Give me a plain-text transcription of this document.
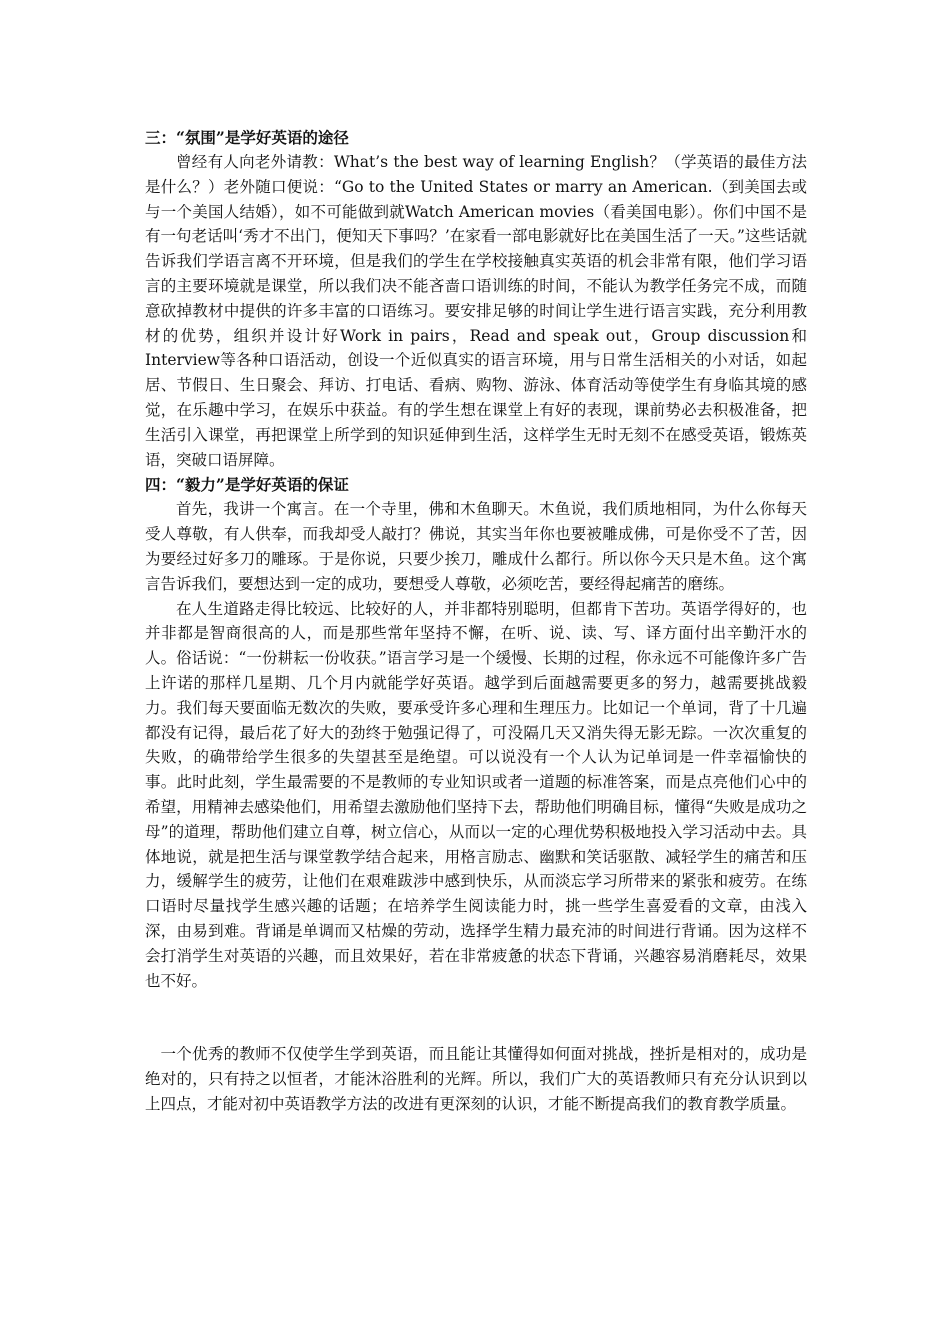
三：“氛围”是学好英语的途径

曾经有人向老外请教：What’s the best way of learning English？（学英语的最佳方法是什么？）老外随口便说：“Go to the United States or marry an American.（到美国去或与一个美国人结婚），如不可能做到就Watch American movies（看美国电影）。你们中国不是有一句老话叫‘秀才不出门，便知天下事吗？’在家看一部电影就好比在美国生活了一天。”这些话就告诉我们学语言离不开环境，但是我们的学生在学校接触真实英语的机会非常有限，他们学习语言的主要环境就是课堂，所以我们决不能吝啬口语训练的时间，不能认为教学任务完不成，而随意砍掉教材中提供的许多丰富的口语练习。要安排足够的时间让学生进行语言实践，充分利用教材的优势，组织并设计好Work in pairs，Read and speak out，Group discussion和Interview等各种口语活动，创设一个近似真实的语言环境，用与日常生活相关的小对话，如起居、节假日、生日聚会、拜访、打电话、看病、购物、游泳、体育活动等使学生有身临其境的感觉，在乐趣中学习，在娱乐中获益。有的学生想在课堂上有好的表现，课前势必去积极准备，把生活引入课堂，再把课堂上所学到的知识延伸到生活，这样学生无时无刻不在感受英语，锻炼英语，突破口语屏障。

四：“毅力”是学好英语的保证

首先，我讲一个寓言。在一个寺里，佛和木鱼聊天。木鱼说，我们质地相同，为什么你每天受人尊敬，有人供奉，而我却受人敲打？佛说，其实当年你也要被雕成佛，可是你受不了苦，因为要经过好多刀的雕琢。于是你说，只要少挨刀，雕成什么都行。所以你今天只是木鱼。这个寓言告诉我们，要想达到一定的成功，要想受人尊敬，必须吃苦，要经得起痛苦的磨练。

在人生道路走得比较远、比较好的人，并非都特别聪明，但都肯下苦功。英语学得好的，也并非都是智商很高的人，而是那些常年坚持不懈，在听、说、读、写、译方面付出辛勤汗水的人。俗话说：“一份耕耘一份收获。”语言学习是一个缓慢、长期的过程，你永远不可能像许多广告上许诺的那样几星期、几个月内就能学好英语。越学到后面越需要更多的努力，越需要挑战毅力。我们每天要面临无数次的失败，要承受许多心理和生理压力。比如记一个单词，背了十几遍都没有记得，最后花了好大的劲终于勉强记得了，可没隔几天又消失得无影无踪。一次次重复的失败，的确带给学生很多的失望甚至是绝望。可以说没有一个人认为记单词是一件幸福愉快的事。此时此刻，学生最需要的不是教师的专业知识或者一道题的标准答案，而是点亮他们心中的希望，用精神去感染他们，用希望去激励他们坚持下去，帮助他们明确目标，懂得“失败是成功之母”的道理，帮助他们建立自尊，树立信心，从而以一定的心理优势积极地投入学习活动中去。具体地说，就是把生活与课堂教学结合起来，用格言励志、幽默和笑话驱散、减轻学生的痛苦和压力，缓解学生的疲劳，让他们在艰难跋涉中感到快乐，从而淡忘学习所带来的紧张和疲劳。在练口语时尽量找学生感兴趣的话题；在培养学生阅读能力时，挑一些学生喜爱看的文章，由浅入深，由易到难。背诵是单调而又枯燥的劳动，选择学生精力最充沛的时间进行背诵。因为这样不会打消学生对英语的兴趣，而且效果好，若在非常疲惫的状态下背诵，兴趣容易消磨耗尽，效果也不好。

一个优秀的教师不仅使学生学到英语，而且能让其懂得如何面对挑战，挫折是相对的，成功是绝对的，只有持之以恒者，才能沐浴胜利的光辉。所以，我们广大的英语教师只有充分认识到以上四点，才能对初中英语教学方法的改进有更深刻的认识，才能不断提高我们的教育教学质量。
